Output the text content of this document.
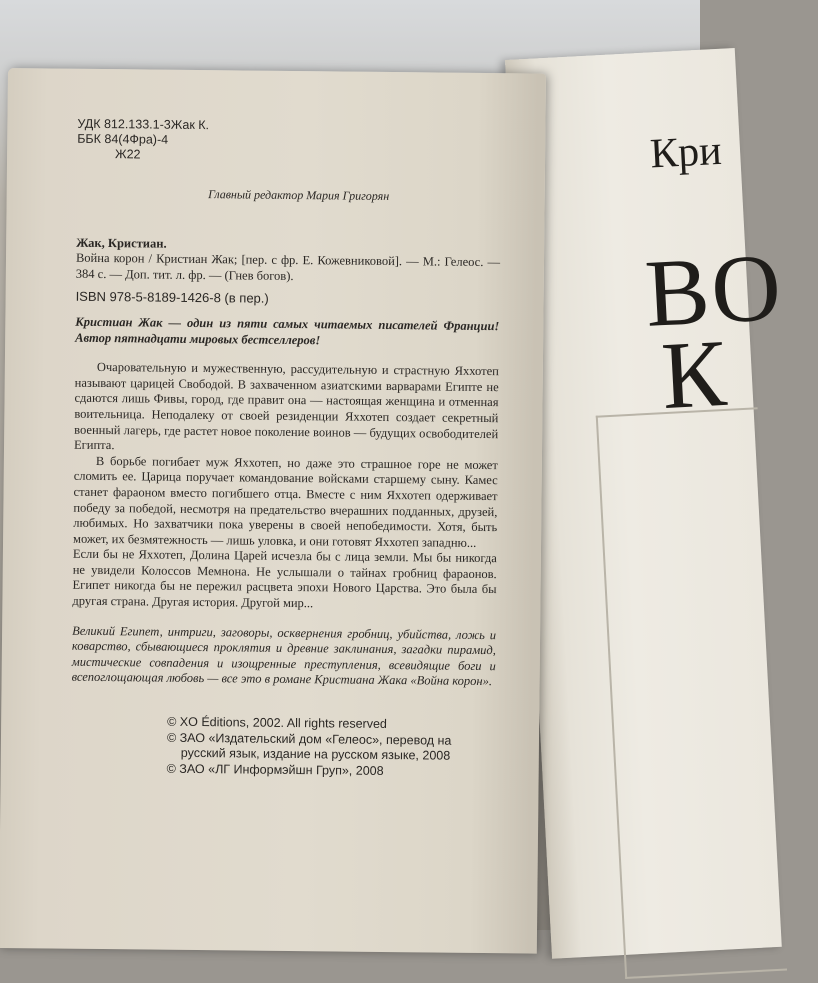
Кри
ВО
К
УДК 812.133.1-3Жак К.
ББК 84(4Фра)-4
Ж22
Главный редактор Мария Григорян
Жак, Кристиан.
Война корон / Кристиан Жак; [пер. с фр. Е. Кожевниковой]. — М.: Гелеос. — 384 с. — Доп. тит. л. фр. — (Гнев богов).
ISBN 978-5-8189-1426-8 (в пер.)
Кристиан Жак — один из пяти самых читаемых писателей Франции! Автор пятнадцати мировых бестселлеров!

Очаровательную и мужественную, рассудительную и страстную Яххотеп называют царицей Свободой. В захваченном азиатскими варварами Египте не сдаются лишь Фивы, город, где правит она — настоящая женщина и отменная воительница. Неподалеку от своей резиденции Яххотеп создает секретный военный лагерь, где растет новое поколение воинов — будущих освободителей Египта.

В борьбе погибает муж Яххотеп, но даже это страшное горе не может сломить ее. Царица поручает командование войсками старшему сыну. Камес станет фараоном вместо погибшего отца. Вместе с ним Яххотеп одерживает победу за победой, несмотря на предательство вчерашних подданных, друзей, любимых. Но захватчики пока уверены в своей непобедимости. Хотя, быть может, их безмятежность — лишь уловка, и они готовят Яххотеп западню...

Если бы не Яххотеп, Долина Царей исчезла бы с лица земли. Мы бы никогда не увидели Колоссов Мемнона. Не услышали о тайнах гробниц фараонов. Египет никогда бы не пережил расцвета эпохи Нового Царства. Это была бы другая страна. Другая история. Другой мир...

Великий Египет, интриги, заговоры, осквернения гробниц, убийства, ложь и коварство, сбывающиеся проклятия и древние заклинания, загадки пирамид, мистические совпадения и изощренные преступления, всевидящие боги и всепоглощающая любовь — все это в романе Кристиана Жака «Война корон».
© XO Éditions, 2002. All rights reserved
© ЗАО «Издательский дом «Гелеос», перевод на русский язык, издание на русском языке, 2008
© ЗАО «ЛГ Информэйшн Груп», 2008
